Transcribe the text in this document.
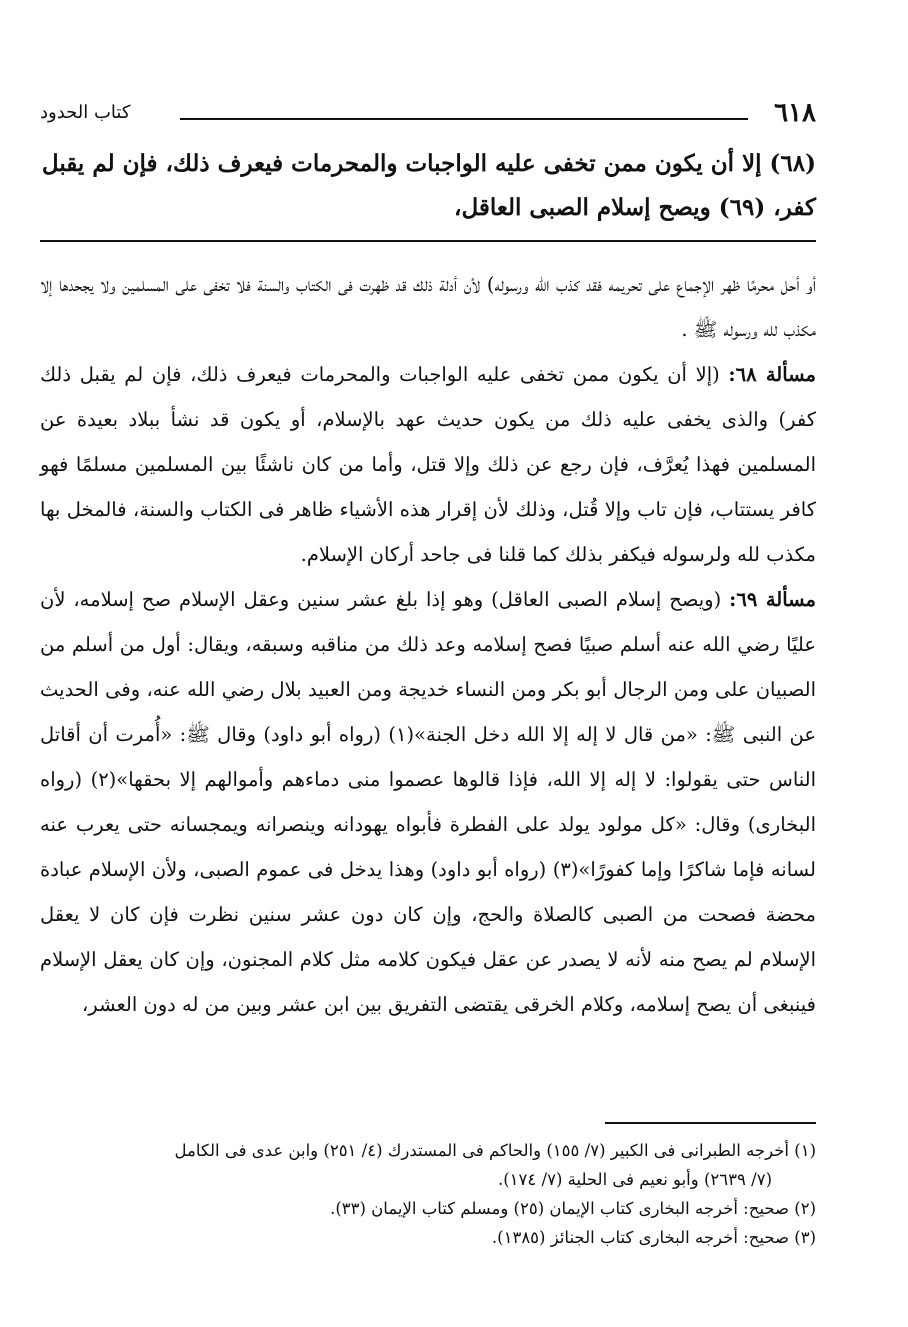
٦١٨
كتاب الحدود

(٦٨) إلا أن يكون ممن تخفى عليه الواجبات والمحرمات فيعرف ذلك، فإن لم يقبل

كفر، (٦٩) ويصح إسلام الصبى العاقل،

أو أحل محرمًا ظهر الإجماع على تحريمه فقد كذب الله ورسوله) لأن أدلة ذلك قد ظهرت فى الكتاب والسنة فلا تخفى على المسلمين ولا يجحدها إلا مكذب لله ورسوله ﷺ .

مسألة ٦٨: (إلا أن يكون ممن تخفى عليه الواجبات والمحرمات فيعرف ذلك، فإن لم يقبل ذلك كفر) والذى يخفى عليه ذلك من يكون حديث عهد بالإسلام، أو يكون قد نشأ ببلاد بعيدة عن المسلمين فهذا يُعرَّف، فإن رجع عن ذلك وإلا قتل، وأما من كان ناشئًا بين المسلمين مسلمًا فهو كافر يستتاب، فإن تاب وإلا قُتل، وذلك لأن إقرار هذه الأشياء ظاهر فى الكتاب والسنة، فالمخل بها مكذب لله ولرسوله فيكفر بذلك كما قلنا فى جاحد أركان الإسلام.

مسألة ٦٩: (ويصح إسلام الصبى العاقل) وهو إذا بلغ عشر سنين وعقل الإسلام صح إسلامه، لأن عليًا رضي الله عنه أسلم صبيًا فصح إسلامه وعد ذلك من مناقبه وسبقه، ويقال: أول من أسلم من الصبيان على ومن الرجال أبو بكر ومن النساء خديجة ومن العبيد بلال رضي الله عنه، وفى الحديث عن النبى ﷺ: «من قال لا إله إلا الله دخل الجنة»(١) (رواه أبو داود) وقال ﷺ: «أُمرت أن أقاتل الناس حتى يقولوا: لا إله إلا الله، فإذا قالوها عصموا منى دماءهم وأموالهم إلا بحقها»(٢) (رواه البخارى) وقال: «كل مولود يولد على الفطرة فأبواه يهودانه وينصرانه ويمجسانه حتى يعرب عنه لسانه فإما شاكرًا وإما كفورًا»(٣) (رواه أبو داود) وهذا يدخل فى عموم الصبى، ولأن الإسلام عبادة محضة فصحت من الصبى كالصلاة والحج، وإن كان دون عشر سنين نظرت فإن كان لا يعقل الإسلام لم يصح منه لأنه لا يصدر عن عقل فيكون كلامه مثل كلام المجنون، وإن كان يعقل الإسلام فينبغى أن يصح إسلامه، وكلام الخرقى يقتضى التفريق بين ابن عشر وبين من له دون العشر،

(١) أخرجه الطبرانى فى الكبير (٧/ ١٥٥) والحاكم فى المستدرك (٤/ ٢٥١) وابن عدى فى الكامل

(٧/ ٢٦٣٩) وأبو نعيم فى الحلية (٧/ ١٧٤).

(٢) صحيح: أخرجه البخارى كتاب الإيمان (٢٥) ومسلم كتاب الإيمان (٣٣).

(٣) صحيح: أخرجه البخارى كتاب الجنائز (١٣٨٥).
